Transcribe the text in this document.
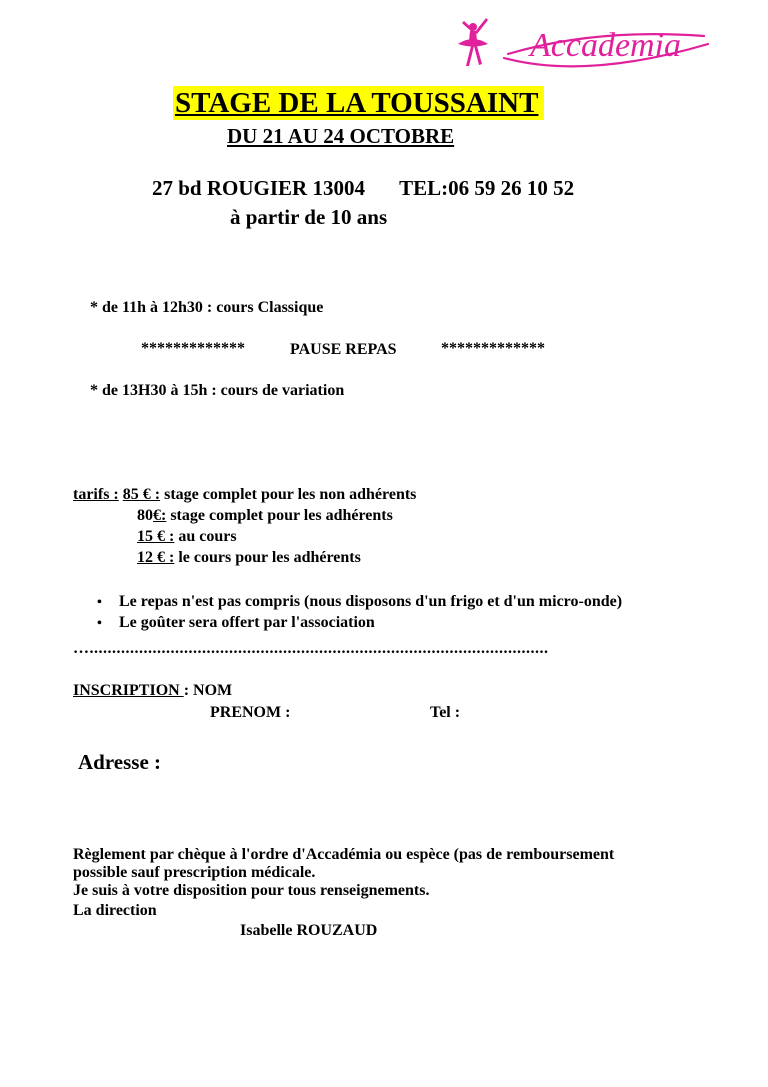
Accademia
STAGE DE LA TOUSSAINT
DU 21 AU 24 OCTOBRE
27 bd ROUGIER 13004 TEL:06 59 26 10 52
à partir de 10 ans
* de 11h à 12h30 : cours Classique
*************	PAUSE REPAS	*************
* de 13H30 à 15h : cours de variation
tarifs : 85 € : stage complet pour les non adhérents
80€: stage complet pour les adhérents
15 € : au cours
12 € : le cours pour les adhérents
• Le repas n'est pas compris (nous disposons d'un frigo et d'un micro-onde)
• Le goûter sera offert par l'association
…......................................................................................................
INSCRIPTION : NOM
PRENOM :	Tel :
Adresse :
Règlement par chèque à l'ordre d'Accadémia ou espèce (pas de remboursement
possible sauf prescription médicale.
Je suis à votre disposition pour tous renseignements.
La direction
Isabelle ROUZAUD
